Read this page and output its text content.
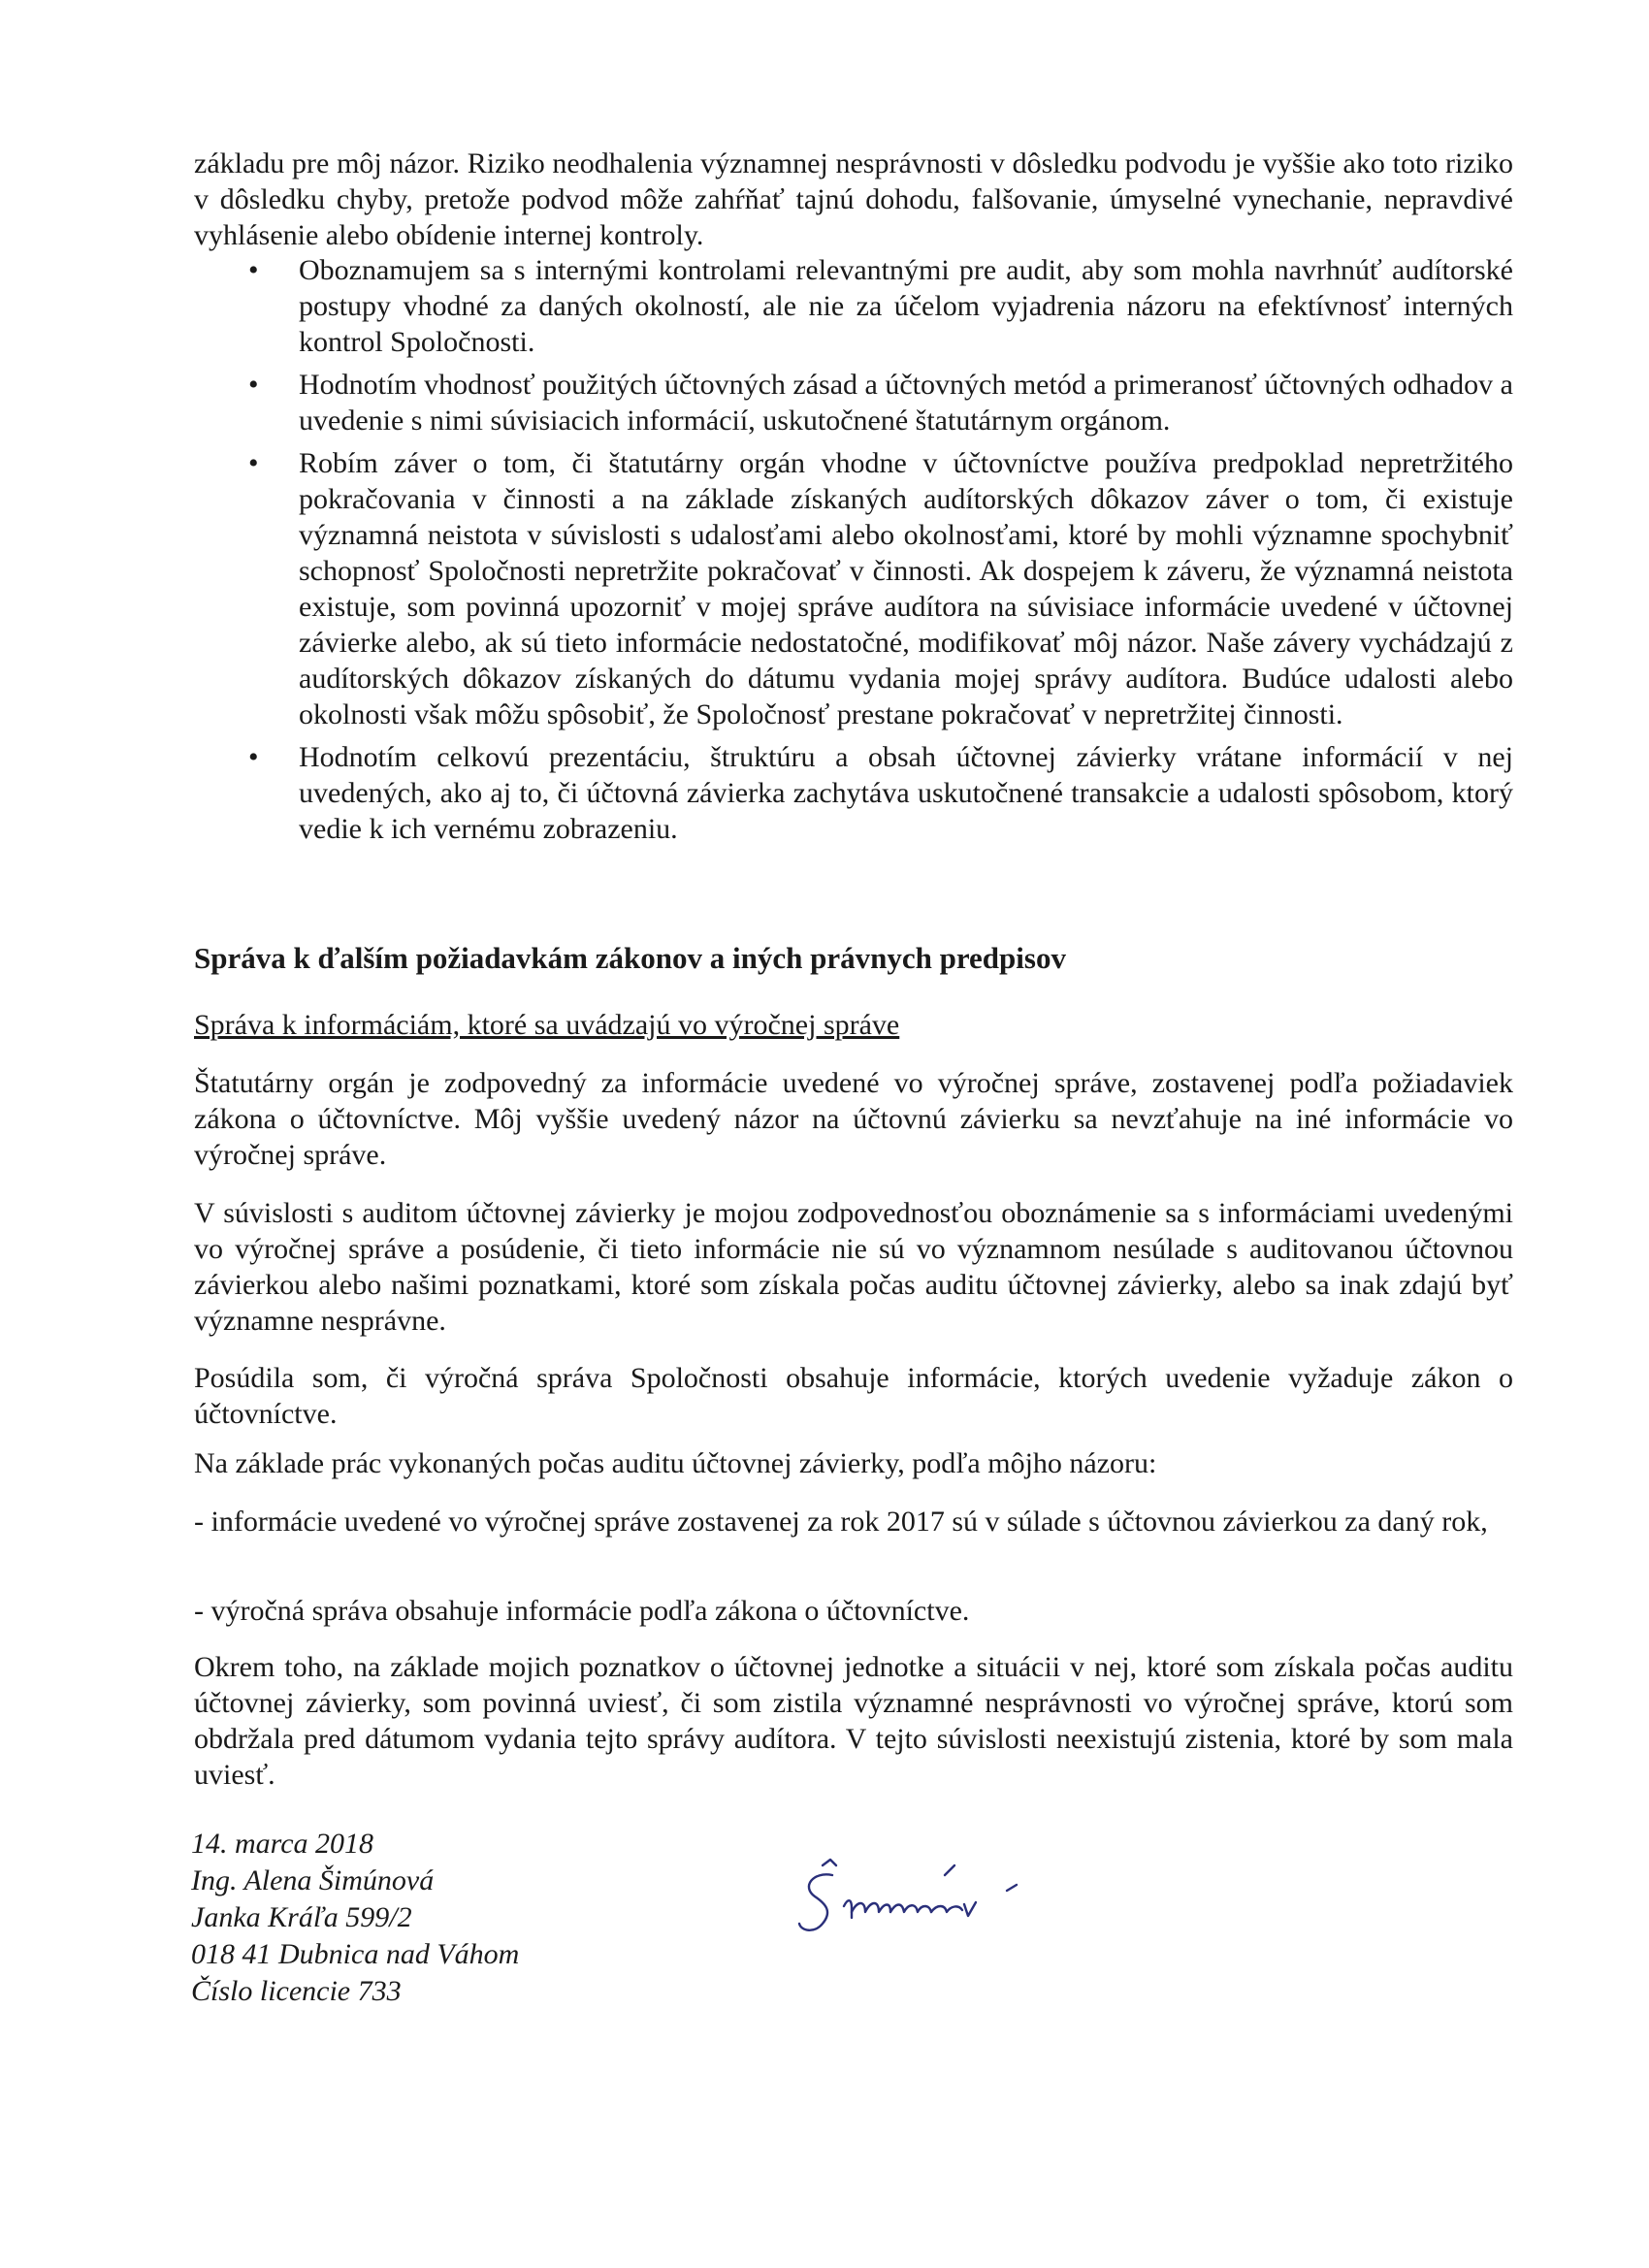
základu pre môj názor. Riziko neodhalenia významnej nesprávnosti v dôsledku podvodu je vyššie ako toto riziko v dôsledku chyby, pretože podvod môže zahŕňať tajnú dohodu, falšovanie, úmyselné vynechanie, nepravdivé vyhlásenie alebo obídenie internej kontroly.

• Oboznamujem sa s internými kontrolami relevantnými pre audit, aby som mohla navrhnúť audítorské postupy vhodné za daných okolností, ale nie za účelom vyjadrenia názoru na efektívnosť interných kontrol Spoločnosti.
• Hodnotím vhodnosť použitých účtovných zásad a účtovných metód a primeranosť účtovných odhadov a uvedenie s nimi súvisiacich informácií, uskutočnené štatutárnym orgánom.
• Robím záver o tom, či štatutárny orgán vhodne v účtovníctve používa predpoklad nepretržitého pokračovania v činnosti a na základe získaných audítorských dôkazov záver o tom, či existuje významná neistota v súvislosti s udalosťami alebo okolnosťami, ktoré by mohli významne spochybniť schopnosť Spoločnosti nepretržite pokračovať v činnosti. Ak dospejem k záveru, že významná neistota existuje, som povinná upozorniť v mojej správe audítora na súvisiace informácie uvedené v účtovnej závierke alebo, ak sú tieto informácie nedostatočné, modifikovať môj názor. Naše závery vychádzajú z audítorských dôkazov získaných do dátumu vydania mojej správy audítora. Budúce udalosti alebo okolnosti však môžu spôsobiť, že Spoločnosť prestane pokračovať v nepretržitej činnosti.
• Hodnotím celkovú prezentáciu, štruktúru a obsah účtovnej závierky vrátane informácií v nej uvedených, ako aj to, či účtovná závierka zachytáva uskutočnené transakcie a udalosti spôsobom, ktorý vedie k ich vernému zobrazeniu.
Správa k ďalším požiadavkám zákonov a iných právnych predpisov
Správa k informáciám, ktoré sa uvádzajú vo výročnej správe

Štatutárny orgán je zodpovedný za informácie uvedené vo výročnej správe, zostavenej podľa požiadaviek zákona o účtovníctve. Môj vyššie uvedený názor na účtovnú závierku sa nevzťahuje na iné informácie vo výročnej správe.

V súvislosti s auditom účtovnej závierky je mojou zodpovednosťou oboznámenie sa s informáciami uvedenými vo výročnej správe a posúdenie, či tieto informácie nie sú vo významnom nesúlade s auditovanou účtovnou závierkou alebo našimi poznatkami, ktoré som získala počas auditu účtovnej závierky, alebo sa inak zdajú byť významne nesprávne.

Posúdila som, či výročná správa Spoločnosti obsahuje informácie, ktorých uvedenie vyžaduje zákon o účtovníctve.

Na základe prác vykonaných počas auditu účtovnej závierky, podľa môjho názoru:

- informácie uvedené vo výročnej správe zostavenej za rok 2017 sú v súlade s účtovnou závierkou za daný rok,

- výročná správa obsahuje informácie podľa zákona o účtovníctve.

Okrem toho, na základe mojich poznatkov o účtovnej jednotke a situácii v nej, ktoré som získala počas auditu účtovnej závierky, som povinná uviesť, či som zistila významné nesprávnosti vo výročnej správe, ktorú som obdržala pred dátumom vydania tejto správy audítora. V tejto súvislosti neexistujú zistenia, ktoré by som mala uviesť.

14. marca 2018
Ing. Alena Šimúnová
Janka Kráľa 599/2
018 41 Dubnica nad Váhom
Číslo licencie 733
